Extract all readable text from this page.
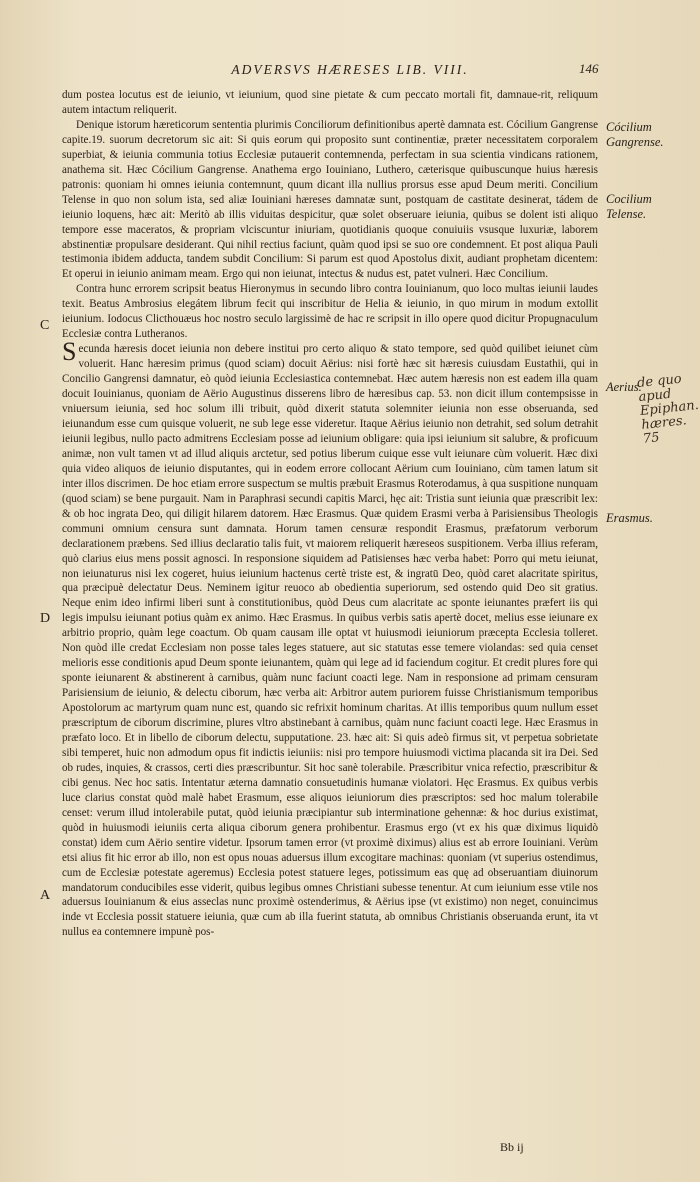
ADVERSVS HÆRESES LIB. VIII.	146

dum postea locutus est de ieiunio, vt ieiunium, quod sine pietate & cum peccato mortali fit, damnaue-rit, reliquum autem intactum reliquerit.

Denique istorum hæreticorum sententia plurimis Conciliorum definitionibus apertè damnata est. Cócilium Gangrense capite.19. suorum decretorum sic ait: Si quis eorum qui proposito sunt continentiæ, præter necessitatem corporalem superbiat, & ieiunia communia totius Ecclesiæ putauerit contemnenda, perfectam in sua scientia vindicans rationem, anathema sit. Hæc Cócilium Gangrense. Anathema ergo Iouiniano, Luthero, cæterisque quibuscunque huius hæresis patronis: quoniam hi omnes ieiunia contemnunt, quum dicant illa nullius prorsus esse apud Deum meriti. Concilium Telense in quo non solum ista, sed aliæ Iouiniani hæreses damnatæ sunt, postquam de castitate desinerat, tádem de ieiunio loquens, hæc ait: Meritò ab illis viduitas despicitur, quæ solet obseruare ieiunia, quibus se dolent isti aliquo tempore esse maceratos, & propriam vlciscuntur iniuriam, quotidianis quoque conuiuiis vsusque luxuriæ, laborem abstinentiæ propulsare desiderant. Qui nihil rectius faciunt, quàm quod ipsi se suo ore condemnent. Et post aliqua Pauli testimonia ibidem adducta, tandem subdit Concilium: Si parum est quod Apostolus dixit, audiant prophetam dicentem: Et operui in ieiunio animam meam. Ergo qui non ieiunat, intectus & nudus est, patet vulneri. Hæc Concilium.

Contra hunc errorem scripsit beatus Hieronymus in secundo libro contra Iouinianum, quo loco multas ieiunii laudes texit. Beatus Ambrosius elegátem librum fecit qui inscribitur de Helia & ieiunio, in quo mirum in modum extollit ieiunium. Iodocus Clicthouæus hoc nostro seculo largissimè de hac re scripsit in illo opere quod dicitur Propugnaculum Ecclesiæ contra Lutheranos.

Secunda hæresis docet ieiunia non debere institui pro certo aliquo & stato tempore, sed quòd quilibet ieiunet cùm voluerit. Hanc hæresim primus (quod sciam) docuit Aërius: nisi fortè hæc sit hæresis cuiusdam Eustathii, qui in Concilio Gangrensi damnatur, eò quòd ieiunia Ecclesiastica contemnebat. Hæc autem hæresis non est eadem illa quam docuit Iouinianus, quoniam de Aërio Augustinus disserens libro de hæresibus cap. 53. non dicit illum contempsisse in vniuersum ieiunia, sed hoc solum illi tribuit, quòd dixerit statuta solemniter ieiunia non esse obseruanda, sed ieiunandum esse cum quisque voluerit, ne sub lege esse videretur. Itaque Aërius ieiunio non detrahit, sed solum detrahit ieiunii legibus, nullo pacto admitrens Ecclesiam posse ad ieiunium obligare: quia ipsi ieiunium sit salubre, & proficuum animæ, non vult tamen vt ad illud aliquis arctetur, sed potius liberum cuique esse vult ieiunare cùm voluerit. Hæc dixi quia video aliquos de ieiunio disputantes, qui in eodem errore collocant Aërium cum Iouiniano, cùm tamen latum sit inter illos discrimen. De hoc etiam errore suspectum se multis præbuit Erasmus Roterodamus, à qua suspitione nunquam (quod sciam) se bene purgauit. Nam in Paraphrasi secundi capitis Marci, hęc ait: Tristia sunt ieiunia quæ præscribit lex: & ob hoc ingrata Deo, qui diligit hilarem datorem. Hæc Erasmus. Quæ quidem Erasmi verba à Parisiensibus Theologis communi omnium censura sunt damnata. Horum tamen censuræ respondit Erasmus, præfatorum verborum declarationem præbens. Sed illius declaratio talis fuit, vt maiorem reliquerit hæreseos suspitionem. Verba illius referam, quò clarius eius mens possit agnosci. In responsione siquidem ad Patisienses hæc verba habet: Porro qui metu ieiunat, non ieiunaturus nisi lex cogeret, huius ieiunium hactenus certè triste est, & ingratū Deo, quòd caret alacritate spiritus, qua præcipuè delectatur Deus. Neminem igitur reuoco ab obedientia superiorum, sed ostendo quid Deo sit gratius. Neque enim ideo infirmi liberi sunt à constitutionibus, quòd Deus cum alacritate ac sponte ieiunantes præfert iis qui legis impulsu ieiunant potius quàm ex animo. Hæc Erasmus. In quibus verbis satis apertè docet, melius esse ieiunare ex arbitrio proprio, quàm lege coactum. Ob quam causam ille optat vt huiusmodi ieiuniorum præcepta Ecclesia tolleret. Non quòd ille credat Ecclesiam non posse tales leges statuere, aut sic statutas esse temere violandas: sed quia censet melioris esse conditionis apud Deum sponte ieiunantem, quàm qui lege ad id faciendum cogitur. Et credit plures fore qui sponte ieiunarent & abstinerent à carnibus, quàm nunc faciunt coacti lege. Nam in responsione ad primam censuram Parisiensium de ieiunio, & delectu ciborum, hæc verba ait: Arbitror autem puriorem fuisse Christianismum temporibus Apostolorum ac martyrum quam nunc est, quando sic refrixit hominum charitas. At illis temporibus quum nullum esset præscriptum de ciborum discrimine, plures vltro abstinebant à carnibus, quàm nunc faciunt coacti lege. Hæc Erasmus in præfato loco. Et in libello de ciborum delectu, supputatione. 23. hæc ait: Si quis adeò firmus sit, vt perpetua sobrietate sibi temperet, huic non admodum opus fit indictis ieiuniis: nisi pro tempore huiusmodi victima placanda sit ira Dei. Sed ob rudes, inquies, & crassos, certi dies præscribuntur. Sit hoc sanè tolerabile. Præscribitur vnica refectio, præscribitur & cibi genus. Nec hoc satis. Intentatur æterna damnatio consuetudinis humanæ violatori. Hęc Erasmus. Ex quibus verbis luce clarius constat quòd malè habet Erasmum, esse aliquos ieiuniorum dies præscriptos: sed hoc malum tolerabile censet: verum illud intolerabile putat, quòd ieiunia præcipiantur sub interminatione gehennæ: & hoc durius existimat, quòd in huiusmodi ieiuniis certa aliqua ciborum genera prohibentur. Erasmus ergo (vt ex his quæ diximus liquidò constat) idem cum Aërio sentire videtur. Ipsorum tamen error (vt proximè diximus) alius est ab errore Iouiniani. Verùm etsi alius fit hic error ab illo, non est opus nouas aduersus illum excogitare machinas: quoniam (vt superius ostendimus, cum de Ecclesiæ potestate ageremus) Ecclesia potest statuere leges, potissimum eas quę ad obseruantiam diuinorum mandatorum conducibiles esse viderit, quibus legibus omnes Christiani subesse tenentur. At cum ieiunium esse vtile nos aduersus Iouinianum & eius asseclas nunc proximè ostenderimus, & Aërius ipse (vt existimo) non neget, conuincimus inde vt Ecclesia possit statuere ieiunia, quæ cum ab illa fuerint statuta, ab omnibus Christianis obseruanda erunt, ita vt nullus ea contemnere impunè pos-

Cócilium Gangrense.
Cocilium Telense.
Aerius.
de quo apud Epiphan. hæres. 75
Erasmus.
C
D
A
Bb ij
